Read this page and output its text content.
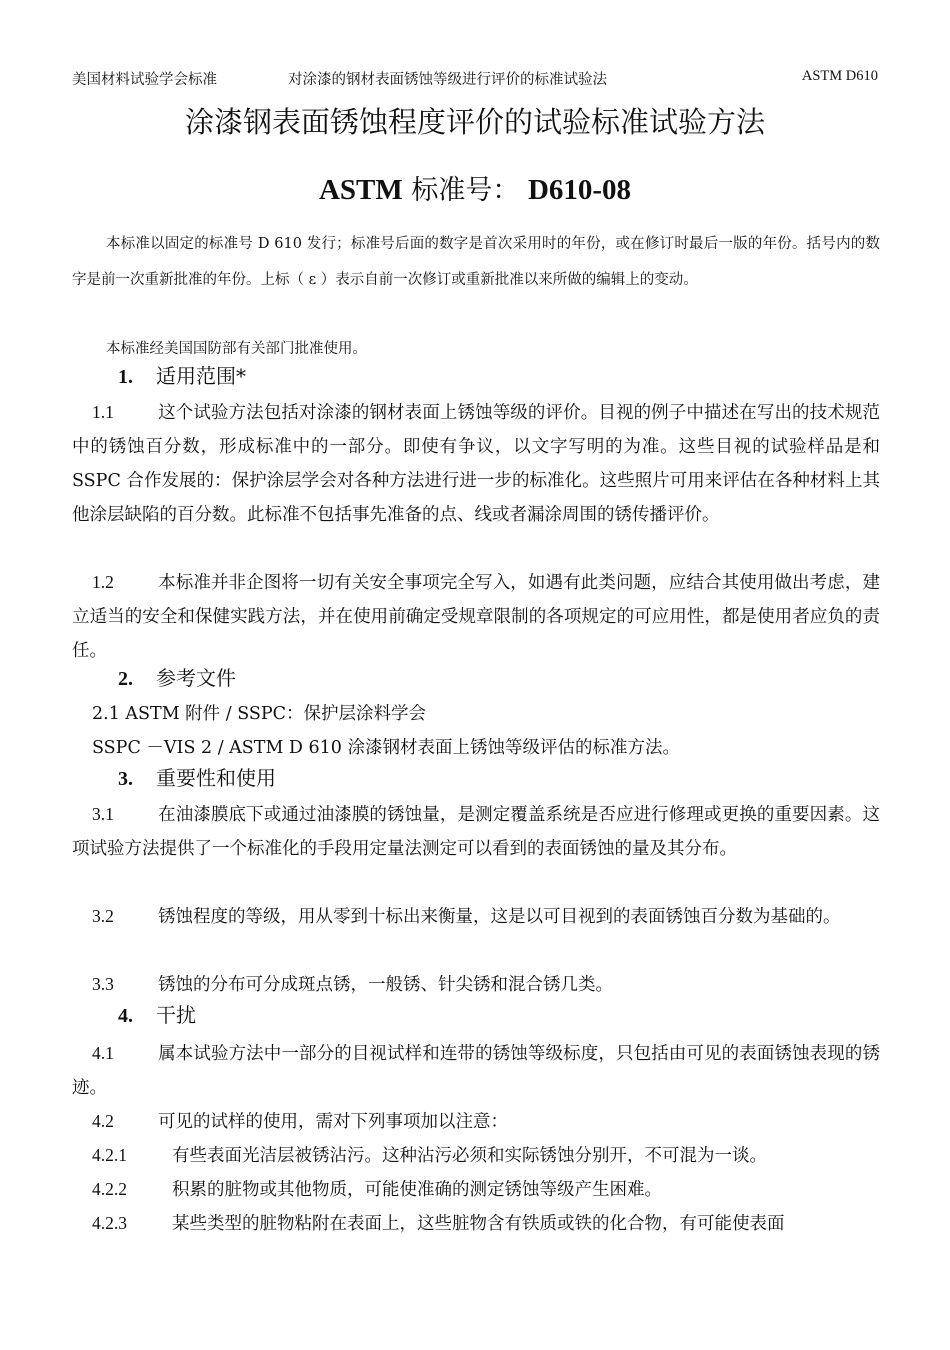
美国材料试验学会标准	对涂漆的钢材表面锈蚀等级进行评价的标准试验法	ASTM D610
涂漆钢表面锈蚀程度评价的试验标准试验方法
ASTM 标准号： D610-08
本标准以固定的标准号 D 610 发行；标准号后面的数字是首次采用时的年份，或在修订时最后一版的年份。括号内的数字是前一次重新批准的年份。上标（ ε ）表示自前一次修订或重新批准以来所做的编辑上的变动。
本标准经美国国防部有关部门批准使用。
1. 适用范围*
1.1	这个试验方法包括对涂漆的钢材表面上锈蚀等级的评价。目视的例子中描述在写出的技术规范中的锈蚀百分数，形成标准中的一部分。即使有争议，以文字写明的为准。这些目视的试验样品是和 SSPC 合作发展的：保护涂层学会对各种方法进行进一步的标准化。这些照片可用来评估在各种材料上其他涂层缺陷的百分数。此标准不包括事先准备的点、线或者漏涂周围的锈传播评价。
1.2	本标准并非企图将一切有关安全事项完全写入，如遇有此类问题，应结合其使用做出考虑，建立适当的安全和保健实践方法，并在使用前确定受规章限制的各项规定的可应用性，都是使用者应负的责任。
2. 参考文件
2.1 ASTM 附件 / SSPC：保护层涂料学会
SSPC －VIS 2 / ASTM D 610 涂漆钢材表面上锈蚀等级评估的标准方法。
3. 重要性和使用
3.1	在油漆膜底下或通过油漆膜的锈蚀量，是测定覆盖系统是否应进行修理或更换的重要因素。这项试验方法提供了一个标准化的手段用定量法测定可以看到的表面锈蚀的量及其分布。
3.2	锈蚀程度的等级，用从零到十标出来衡量，这是以可目视到的表面锈蚀百分数为基础的。
3.3	锈蚀的分布可分成斑点锈，一般锈、针尖锈和混合锈几类。
4. 干扰
4.1	属本试验方法中一部分的目视试样和连带的锈蚀等级标度，只包括由可见的表面锈蚀表现的锈迹。
4.2	可见的试样的使用，需对下列事项加以注意：
4.2.1	有些表面光洁层被锈沾污。这种沾污必须和实际锈蚀分别开，不可混为一谈。
4.2.2	积累的脏物或其他物质，可能使准确的测定锈蚀等级产生困难。
4.2.3	某些类型的脏物粘附在表面上，这些脏物含有铁质或铁的化合物，有可能使表面
